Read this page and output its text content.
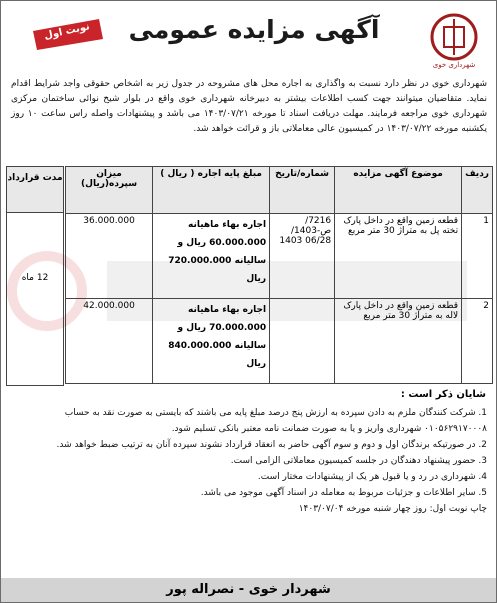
نوبت اول	آگهی مزایده عمومی
شهرداری خوی
شهرداری خوی در نظر دارد نسبت به واگذاری به اجاره محل های مشروحه در جدول زیر به اشخاص حقوقی واجد شرایط اقدام نماید. متقاضیان میتوانند جهت کسب اطلاعات بیشتر به دبیرخانه شهرداری خوی واقع در بلوار شیخ نوائی ساختمان مرکزی شهرداری خوی مراجعه فرمایند. مهلت دریافت اسناد تا مورخه ۱۴۰۳/۰۷/۲۱ می باشد و پیشنهادات واصله راس ساعت ۱۰ روز یکشنبه مورخه ۱۴۰۳/۰۷/۲۲ در کمیسیون عالی معاملاتی باز و قرائت خواهد شد.
ردیف	موضوع آگهی مزایده	شماره/تاریخ	مبلغ پایه اجاره ( ریال )	میزان سپرده(ریال)
1	قطعه زمین واقع در داخل پارک تخته پل به متراژ 30 متر مربع	7216/ص-1403/ 06/28 1403	اجاره بهاء ماهیانه 60.000.000 ریال و سالیانه 720.000.000 ریال	36.000.000
2	قطعه زمین واقع در داخل پارک لاله به متراژ 30 متر مربع		اجاره بهاء ماهیانه 70.000.000 ریال و سالیانه 840.000.000 ریال	42.000.000
مدت قرارداد
12 ماه
شایان ذکر است :
1. شرکت کنندگان ملزم به دادن سپرده به ارزش پنج درصد مبلغ پایه می باشند که بایستی به صورت نقد به حساب ۰۱۰۵۶۲۹۱۷۰۰۰۸ شهرداری واریز و یا به صورت ضمانت نامه معتبر بانکی تسلیم شود.
2. در صورتیکه برندگان اول و دوم و سوم آگهی حاضر به انعقاد قرارداد نشوند سپرده آنان به ترتیب ضبط خواهد شد.
3. حضور پیشنهاد دهندگان در جلسه کمیسیون معاملاتی الزامی است.
4. شهرداری در رد و یا قبول هر یک از پیشنهادات مختار است.
5. سایر اطلاعات و جزئیات مربوط به معامله در اسناد آگهی موجود می باشد.
چاپ نوبت اول: روز چهار شنبه مورخه ۱۴۰۳/۰۷/۰۴
شهردار خوی - نصراله پور
